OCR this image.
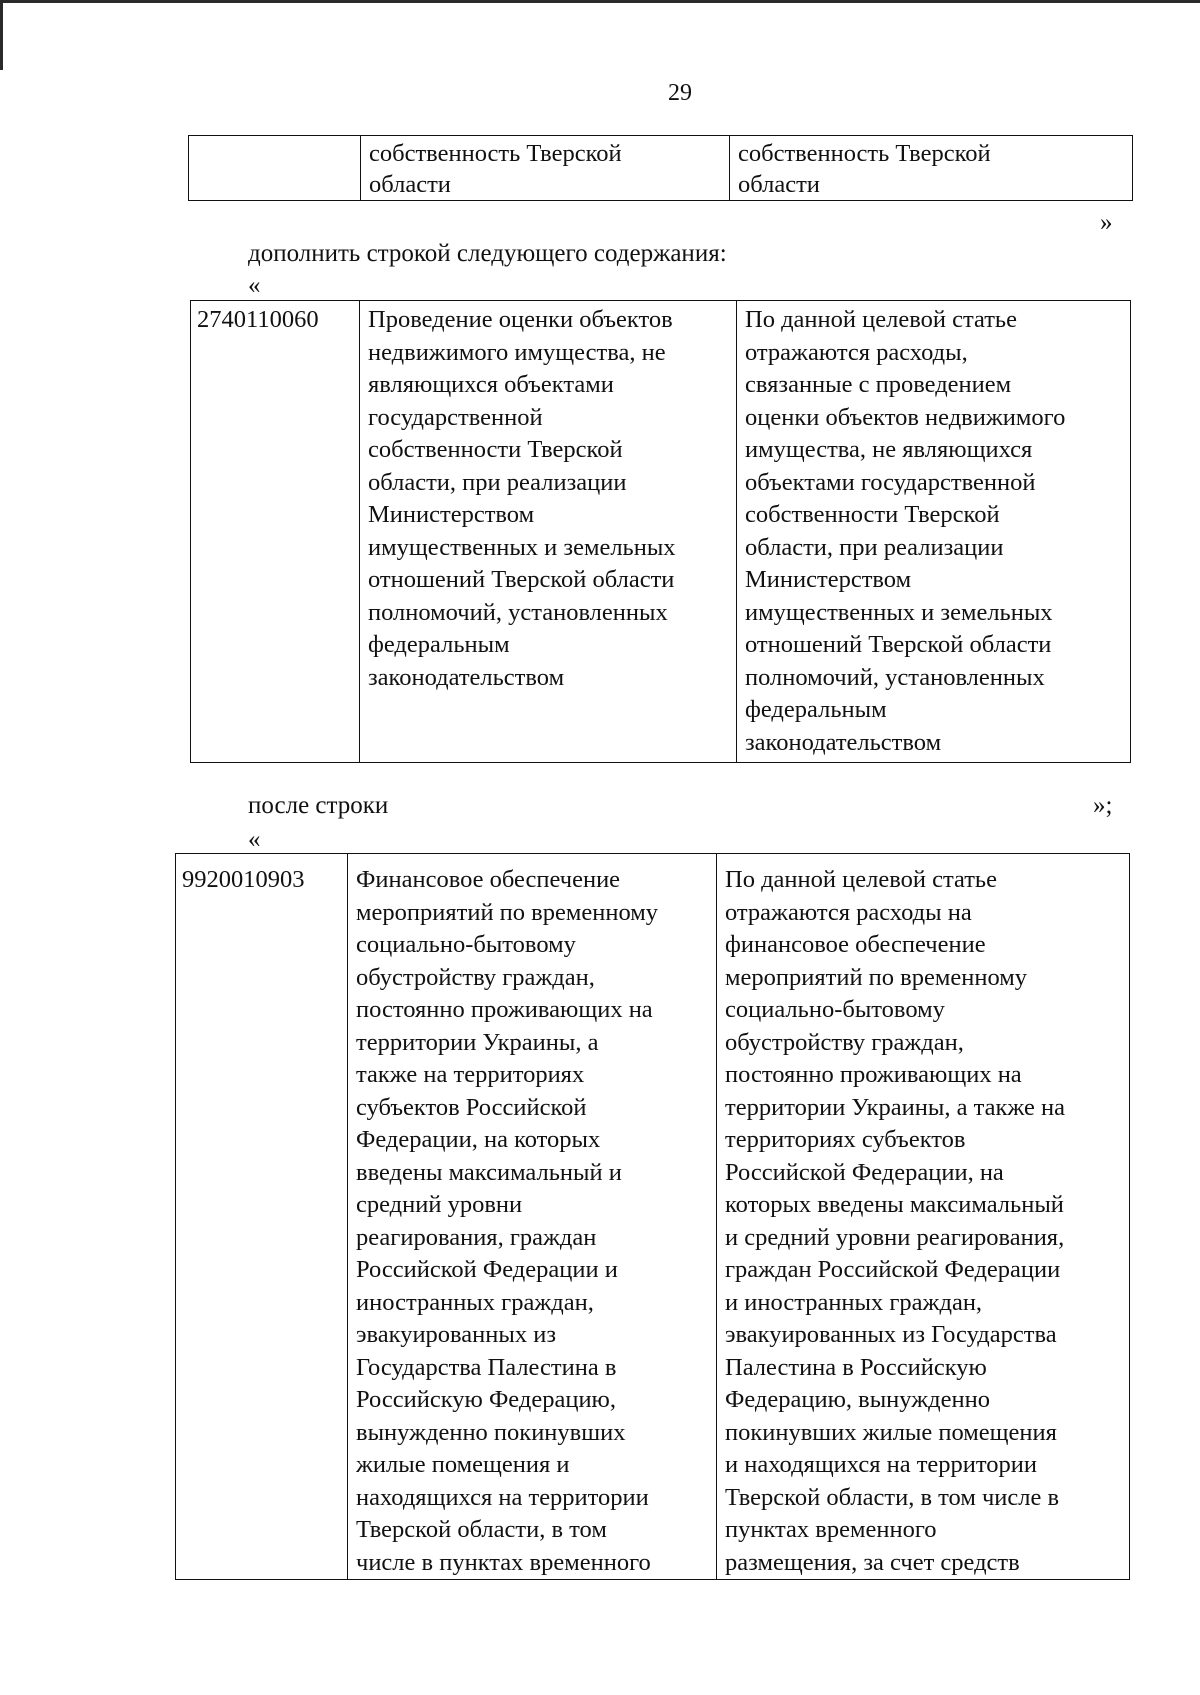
29
	собственность Тверской
области	собственность Тверской
области
»
дополнить строкой следующего содержания:
«
2740110060	Проведение оценки объектов
недвижимого имущества, не
являющихся объектами
государственной
собственности Тверской
области, при реализации
Министерством
имущественных и земельных
отношений Тверской области
полномочий, установленных
федеральным
законодательством	По данной целевой статье
отражаются расходы,
связанные с проведением
оценки объектов недвижимого
имущества, не являющихся
объектами государственной
собственности Тверской
области, при реализации
Министерством
имущественных и земельных
отношений Тверской области
полномочий, установленных
федеральным
законодательством
»;
после строки
«
9920010903	Финансовое обеспечение
мероприятий по временному
социально-бытовому
обустройству граждан,
постоянно проживающих на
территории Украины, а
также на территориях
субъектов Российской
Федерации, на которых
введены максимальный и
средний уровни
реагирования, граждан
Российской Федерации и
иностранных граждан,
эвакуированных из
Государства Палестина в
Российскую Федерацию,
вынужденно покинувших
жилые помещения и
находящихся на территории
Тверской области, в том
числе в пунктах временного	По данной целевой статье
отражаются расходы на
финансовое обеспечение
мероприятий по временному
социально-бытовому
обустройству граждан,
постоянно проживающих на
территории Украины, а также на
территориях субъектов
Российской Федерации, на
которых введены максимальный
и средний уровни реагирования,
граждан Российской Федерации
и иностранных граждан,
эвакуированных из Государства
Палестина в Российскую
Федерацию, вынужденно
покинувших жилые помещения
и находящихся на территории
Тверской области, в том числе в
пунктах временного
размещения, за счет средств
